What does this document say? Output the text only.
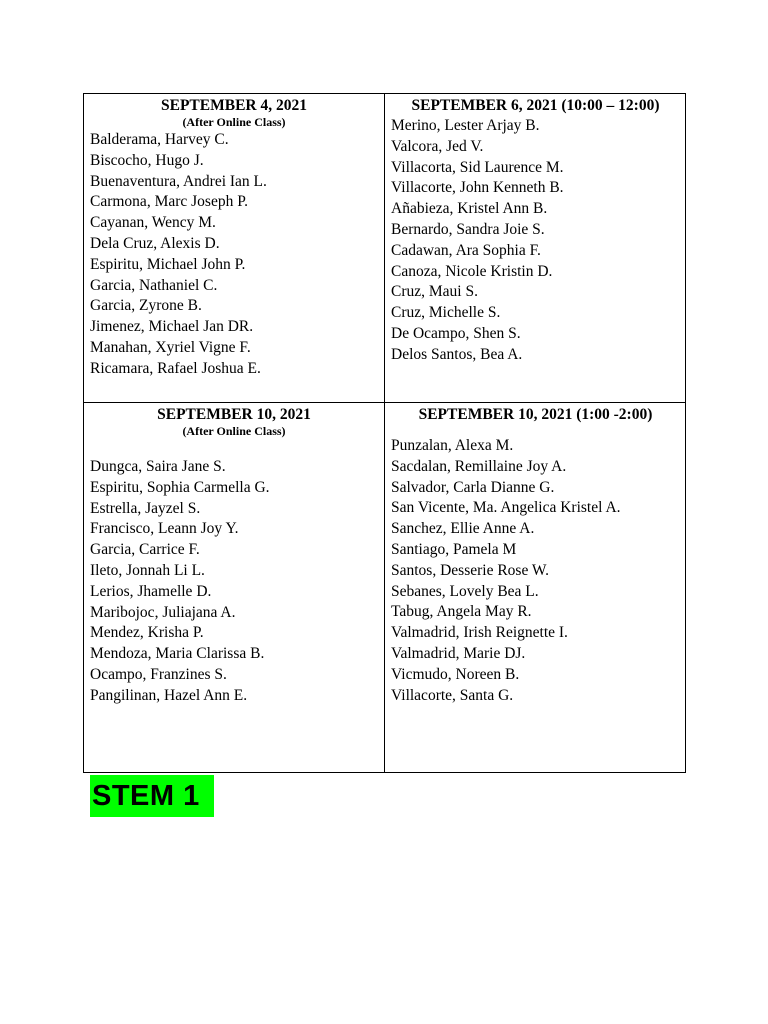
SEPTEMBER 4, 2021
(After Online Class)
Balderama, Harvey C.
Biscocho, Hugo J.
Buenaventura, Andrei Ian L.
Carmona, Marc Joseph P.
Cayanan, Wency M.
Dela Cruz, Alexis D.
Espiritu, Michael John P.
Garcia, Nathaniel C.
Garcia, Zyrone B.
Jimenez, Michael Jan DR.
Manahan, Xyriel Vigne F.
Ricamara, Rafael Joshua E.
SEPTEMBER 6, 2021 (10:00 – 12:00)
Merino, Lester Arjay B.
Valcora, Jed V.
Villacorta, Sid Laurence M.
Villacorte, John Kenneth B.
Añabieza, Kristel Ann B.
Bernardo, Sandra Joie S.
Cadawan, Ara Sophia F.
Canoza, Nicole Kristin D.
Cruz, Maui S.
Cruz, Michelle S.
De Ocampo, Shen S.
Delos Santos, Bea A.
SEPTEMBER 10, 2021
(After Online Class)
Dungca, Saira Jane S.
Espiritu, Sophia Carmella G.
Estrella, Jayzel S.
Francisco, Leann Joy Y.
Garcia, Carrice F.
Ileto, Jonnah Li L.
Lerios, Jhamelle D.
Maribojoc, Juliajana A.
Mendez, Krisha P.
Mendoza, Maria Clarissa B.
Ocampo, Franzines S.
Pangilinan, Hazel Ann E.
SEPTEMBER 10, 2021 (1:00 -2:00)
Punzalan, Alexa M.
Sacdalan, Remillaine Joy A.
Salvador, Carla Dianne G.
San Vicente, Ma. Angelica Kristel A.
Sanchez, Ellie Anne A.
Santiago, Pamela M
Santos, Desserie Rose W.
Sebanes, Lovely Bea L.
Tabug, Angela May R.
Valmadrid, Irish Reignette I.
Valmadrid, Marie DJ.
Vicmudo, Noreen B.
Villacorte, Santa G.
STEM 1
